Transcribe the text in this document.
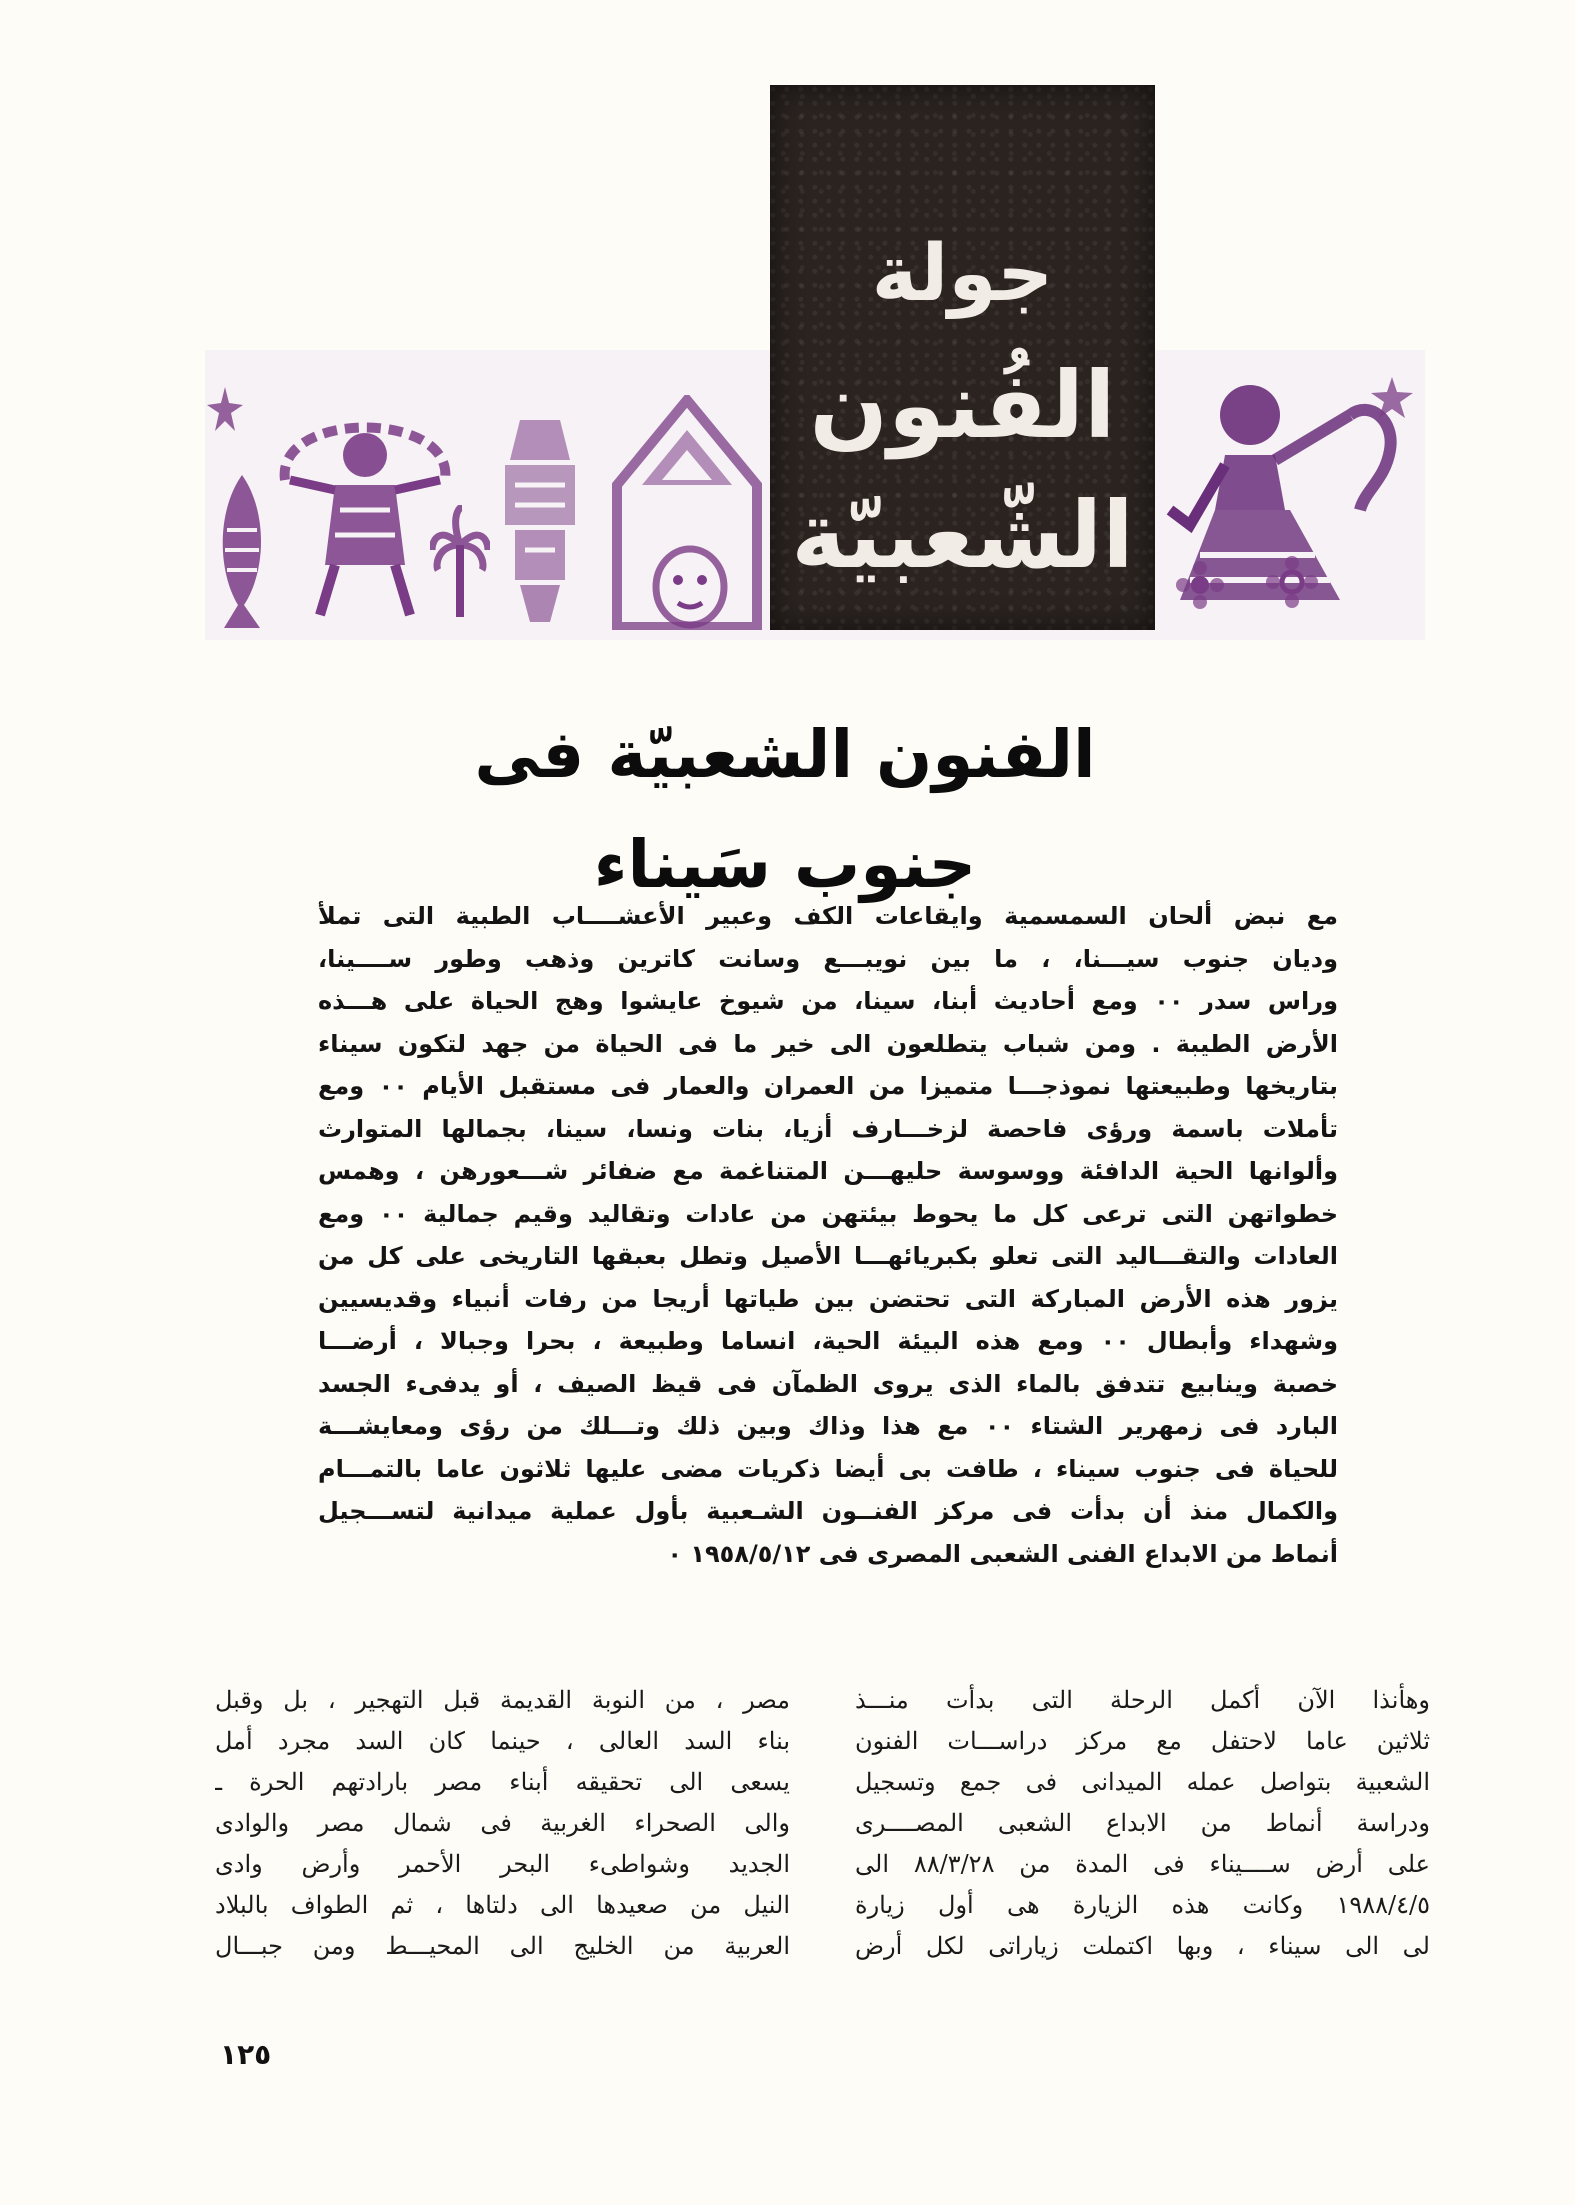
جولة
الفُنون
الشّعبيّة
الفنون الشعبيّة فى جنوب سَيناء
مع نبض ألحان السمسمية وايقاعات الكف وعبير الأعشــــاب الطبية التى تملأ
وديان جنوب سيـــنا، ، ما بين نويبـــع وسانت كاترين وذهب وطور ســــينا،
وراس سدر ٠٠ ومع أحاديث أبنا، سينا، من شيوخ عايشوا وهج الحياة على هـــذه
الأرض الطيبة . ومن شباب يتطلعون الى خير ما فى الحياة من جهد لتكون سيناء
بتاريخها وطبيعتها نموذجـــا متميزا من العمران والعمار فى مستقبل الأيام ٠٠ ومع
تأملات باسمة ورؤى فاحصة لزخـــارف أزيا، بنات ونسا، سينا، بجمالها المتوارث
وألوانها الحية الدافئة ووسوسة حليهـــن المتناغمة مع ضفائر شـــعورهن ، وهمس
خطواتهن التى ترعى كل ما يحوط بيئتهن من عادات وتقاليد وقيم جمالية ٠٠ ومع
العادات والتقـــاليد التى تعلو بكبريائهـــا الأصيل وتطل بعبقها التاريخى على كل من
يزور هذه الأرض المباركة التى تحتضن بين طياتها أريجا من رفات أنبياء وقديسيين
وشهداء وأبطال ٠٠ ومع هذه البيئة الحية، انساما وطبيعة ، بحرا وجبالا ، أرضـــا
خصبة وينابيع تتدفق بالماء الذى يروى الظمآن فى قيظ الصيف ، أو يدفىء الجسد
البارد فى زمهرير الشتاء ٠٠ مع هذا وذاك وبين ذلك وتـــلك من رؤى ومعايشـــة
للحياة فى جنوب سيناء ، طافت بى أيضا ذكريات مضى عليها ثلاثون عاما بالتمـــام
والكمال منذ أن بدأت فى مركز الفنــون الشـعبية بأول عملية ميدانية لتســـجيل
أنماط من الابداع الفنى الشعبى المصرى فى ١٩٥٨/٥/١٢ ٠
وهأنذا الآن أكمل الرحلة التى بدأت منـــذ
ثلاثين عاما لاحتفل مع مركز دراســـات الفنون
الشعبية بتواصل عمله الميدانى فى جمع وتسجيل
ودراسة أنماط من الابداع الشعبى المصــــرى
على أرض ســــيناء فى المدة من ٨٨/٣/٢٨ الى
١٩٨٨/٤/٥ وكانت هذه الزيارة هى أول زيارة
لى الى سيناء ، وبها اكتملت زياراتى لكل أرض
مصر ، من النوبة القديمة قبل التهجير ، بل وقبل
بناء السد العالى ، حينما كان السد مجرد أمل
يسعى الى تحقيقه أبناء مصر بارادتهم الحرة ـ
والى الصحراء الغربية فى شمال مصر والوادى
الجديد وشواطىء البحر الأحمر وأرض وادى
النيل من صعيدها الى دلتاها ، ثم الطواف بالبلاد
العربية من الخليج الى المحيـــط ومن جبـــال
١٢٥
